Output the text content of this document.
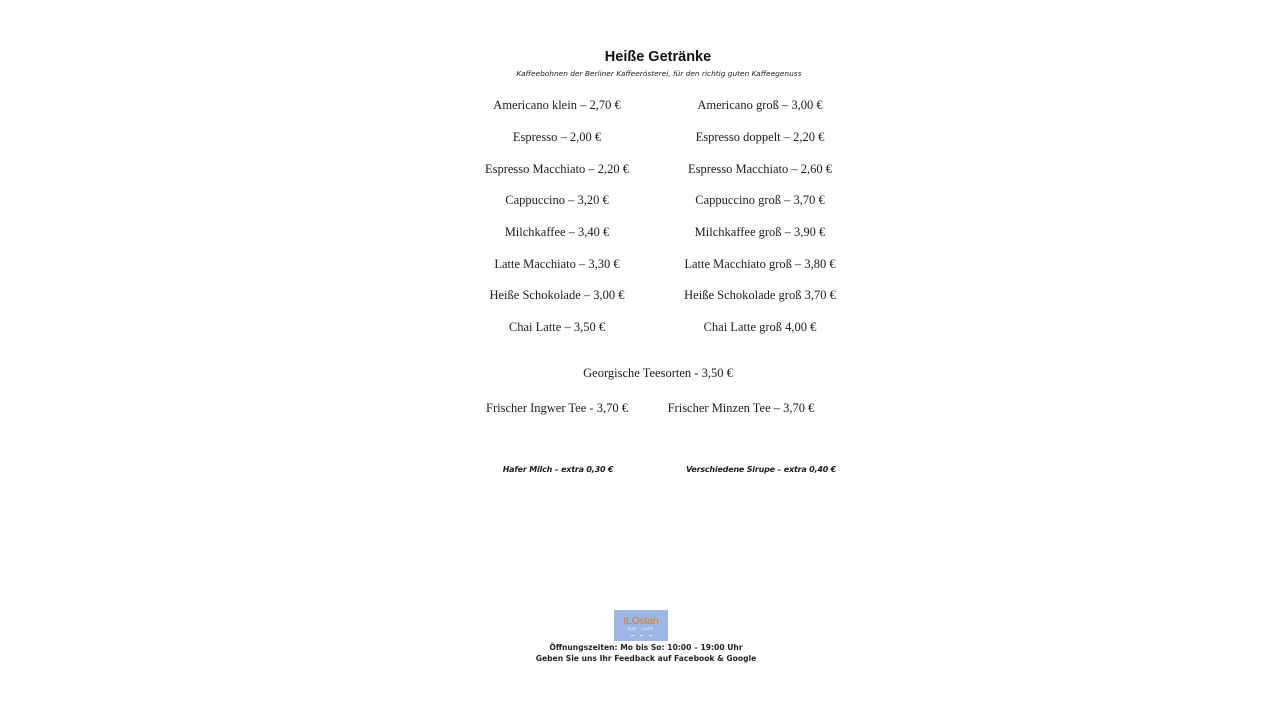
Heiße Getränke
Kaffeebohnen der Berliner Kaffeerösterei, für den richtig guten Kaffeegenuss
Americano klein – 2,70 €
Espresso – 2,00 €
Espresso Macchiato – 2,20 €
Cappuccino – 3,20 €
Milchkaffee – 3,40 €
Latte Macchiato – 3,30 €
Heiße Schokolade – 3,00 €
Chai Latte – 3,50 €
Americano groß – 3,00 €
Espresso doppelt – 2,20 €
Espresso Macchiato – 2,60 €
Cappuccino groß – 3,70 €
Milchkaffee groß – 3,90 €
Latte Macchiato groß – 3,80 €
Heiße Schokolade groß 3,70 €
Chai Latte groß 4,00 €
Georgische Teesorten - 3,50 €
Frischer Ingwer Tee - 3,70 €	Frischer Minzen Tee – 3,70 €
Hafer Milch – extra 0,30 €	Verschiedene Sirupe – extra 0,40 €
ILOstan
BAR · CAFE
Öffnungszeiten: Mo bis So: 10:00 – 19:00 Uhr
Geben Sie uns Ihr Feedback auf Facebook & Google
